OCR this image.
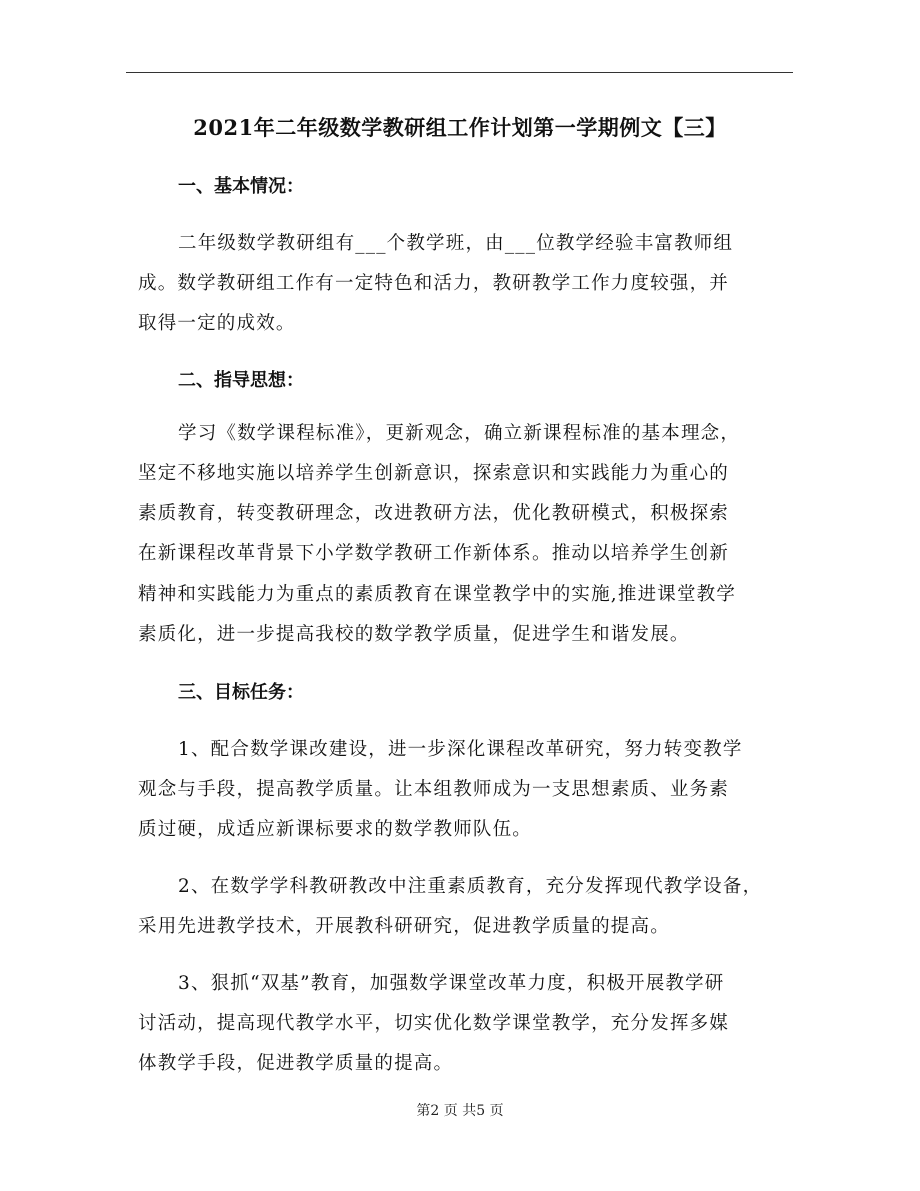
2021年二年级数学教研组工作计划第一学期例文【三】
一、基本情况：
二年级数学教研组有___个教学班，由___位教学经验丰富教师组
成。数学教研组工作有一定特色和活力，教研教学工作力度较强，并
取得一定的成效。
二、指导思想：
学习《数学课程标准》，更新观念，确立新课程标准的基本理念，
坚定不移地实施以培养学生创新意识，探索意识和实践能力为重心的
素质教育，转变教研理念，改进教研方法，优化教研模式，积极探索
在新课程改革背景下小学数学教研工作新体系。推动以培养学生创新
精神和实践能力为重点的素质教育在课堂教学中的实施,推进课堂教学
素质化，进一步提高我校的数学教学质量，促进学生和谐发展。
三、目标任务：
1、配合数学课改建设，进一步深化课程改革研究，努力转变教学
观念与手段，提高教学质量。让本组教师成为一支思想素质、业务素
质过硬，成适应新课标要求的数学教师队伍。
2、在数学学科教研教改中注重素质教育，充分发挥现代教学设备，
采用先进教学技术，开展教科研研究，促进教学质量的提高。
3、狠抓“双基”教育，加强数学课堂改革力度，积极开展教学研
讨活动，提高现代教学水平，切实优化数学课堂教学，充分发挥多媒
体教学手段，促进教学质量的提高。
第2 页 共5 页
